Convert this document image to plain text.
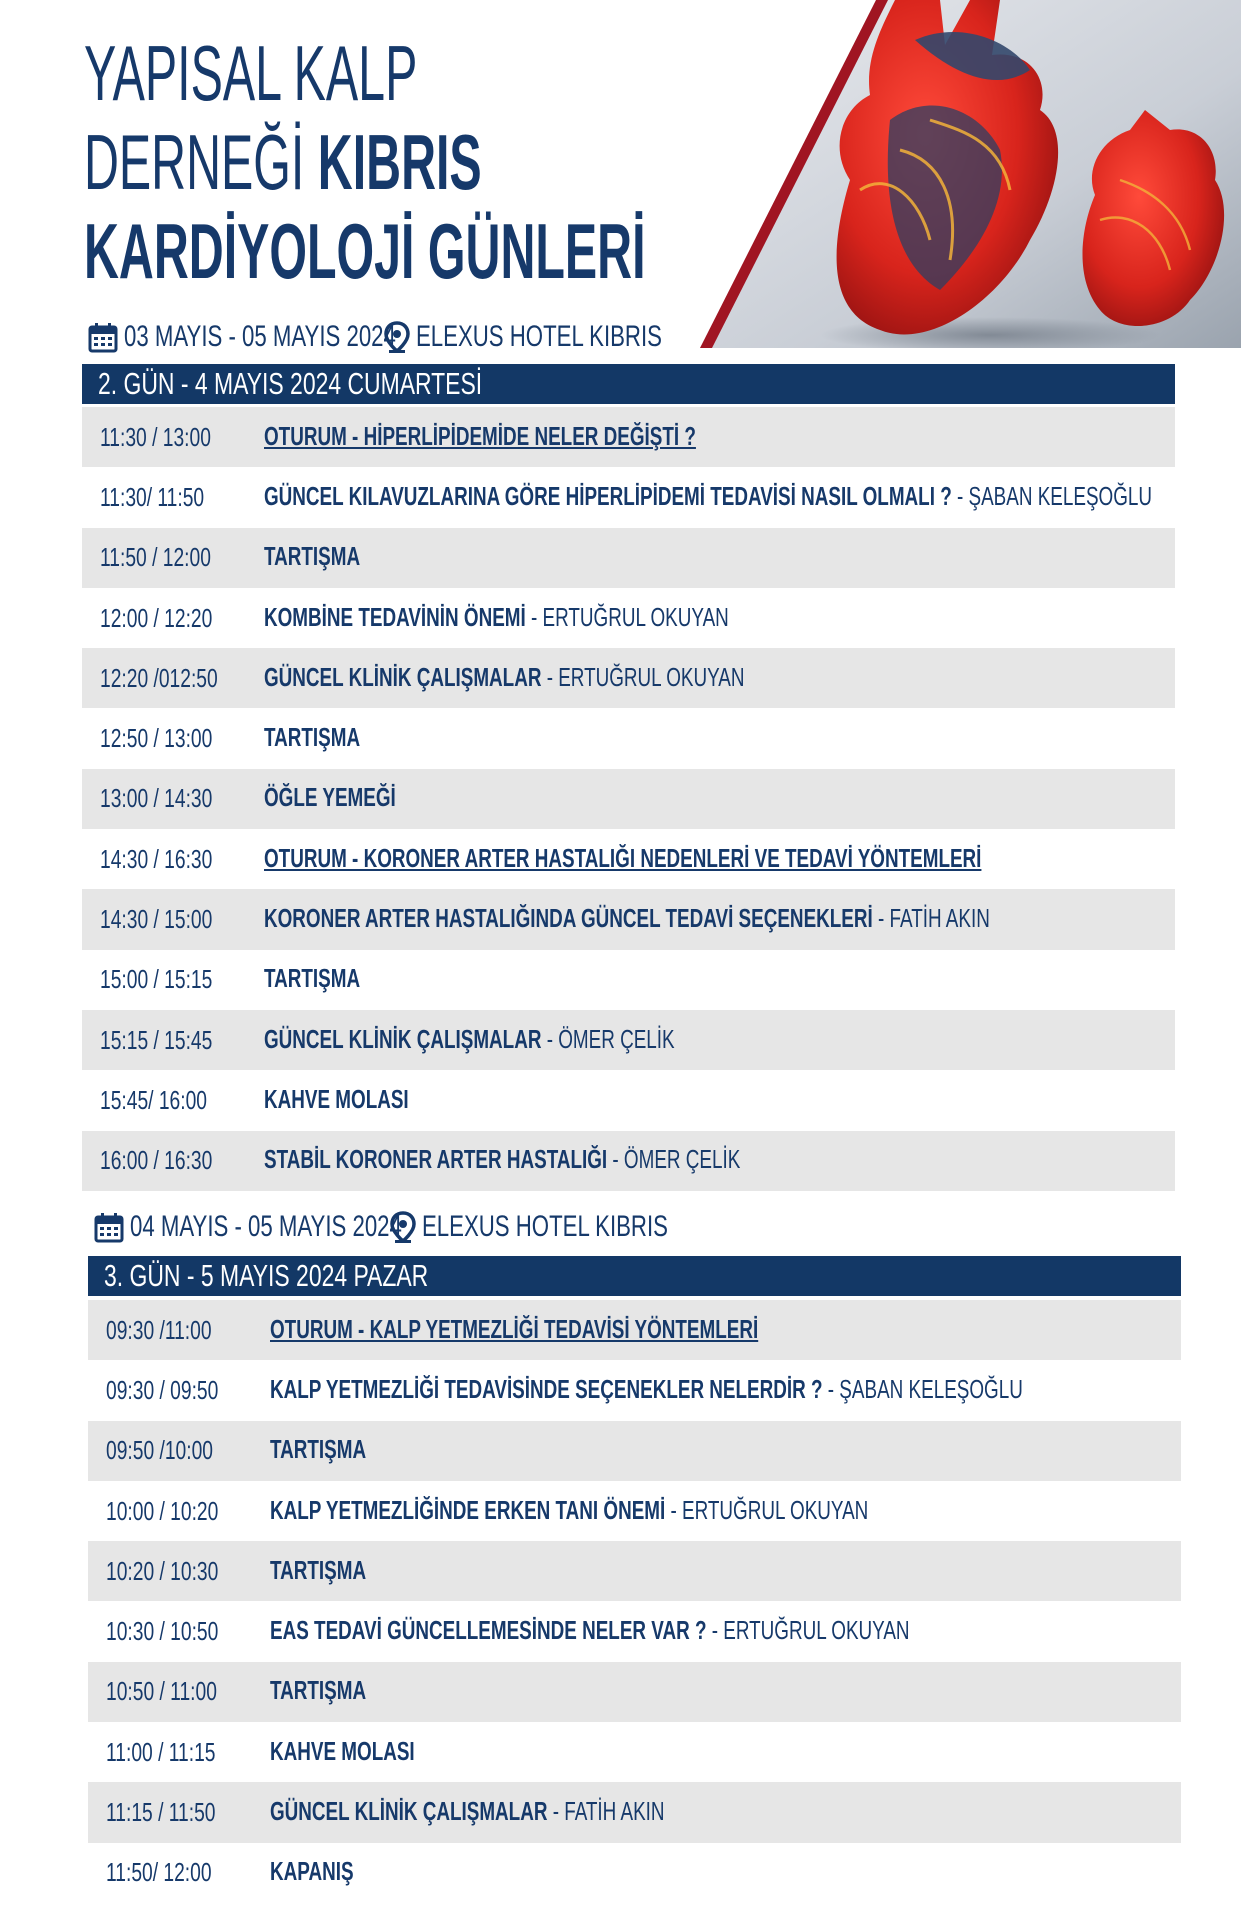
YAPISAL KALP
DERNEĞİ KIBRIS
KARDİYOLOJİ GÜNLERİ
03 MAYIS - 05 MAYIS 2024 ELEXUS HOTEL KIBRIS
2. GÜN - 4 MAYIS 2024 CUMARTESİ
11:30 / 13:00	OTURUM - HİPERLİPİDEMİDE NELER DEĞİŞTİ ?
11:30/ 11:50	GÜNCEL KILAVUZLARINA GÖRE HİPERLİPİDEMİ TEDAVİSİ NASIL OLMALI ? - ŞABAN KELEŞOĞLU
11:50 / 12:00	TARTIŞMA
12:00 / 12:20	KOMBİNE TEDAVİNİN ÖNEMİ - ERTUĞRUL OKUYAN
12:20 /012:50	GÜNCEL KLİNİK ÇALIŞMALAR - ERTUĞRUL OKUYAN
12:50 / 13:00	TARTIŞMA
13:00 / 14:30	ÖĞLE YEMEĞİ
14:30 / 16:30	OTURUM - KORONER ARTER HASTALIĞI NEDENLERİ VE TEDAVİ YÖNTEMLERİ
14:30 / 15:00	KORONER ARTER HASTALIĞINDA GÜNCEL TEDAVİ SEÇENEKLERİ - FATİH AKIN
15:00 / 15:15	TARTIŞMA
15:15 / 15:45	GÜNCEL KLİNİK ÇALIŞMALAR - ÖMER ÇELİK
15:45/ 16:00	KAHVE MOLASI
16:00 / 16:30	STABİL KORONER ARTER HASTALIĞI - ÖMER ÇELİK
04 MAYIS - 05 MAYIS 2024 ELEXUS HOTEL KIBRIS
3. GÜN - 5 MAYIS 2024 PAZAR
09:30 /11:00	OTURUM - KALP YETMEZLİĞİ TEDAVİSİ YÖNTEMLERİ
09:30 / 09:50	KALP YETMEZLİĞİ TEDAVİSİNDE SEÇENEKLER NELERDİR ? - ŞABAN KELEŞOĞLU
09:50 /10:00	TARTIŞMA
10:00 / 10:20	KALP YETMEZLİĞİNDE ERKEN TANI ÖNEMİ - ERTUĞRUL OKUYAN
10:20 / 10:30	TARTIŞMA
10:30 / 10:50	EAS TEDAVİ GÜNCELLEMESİNDE NELER VAR ? - ERTUĞRUL OKUYAN
10:50 / 11:00	TARTIŞMA
11:00 / 11:15	KAHVE MOLASI
11:15 / 11:50	GÜNCEL KLİNİK ÇALIŞMALAR - FATİH AKIN
11:50/ 12:00	KAPANIŞ
